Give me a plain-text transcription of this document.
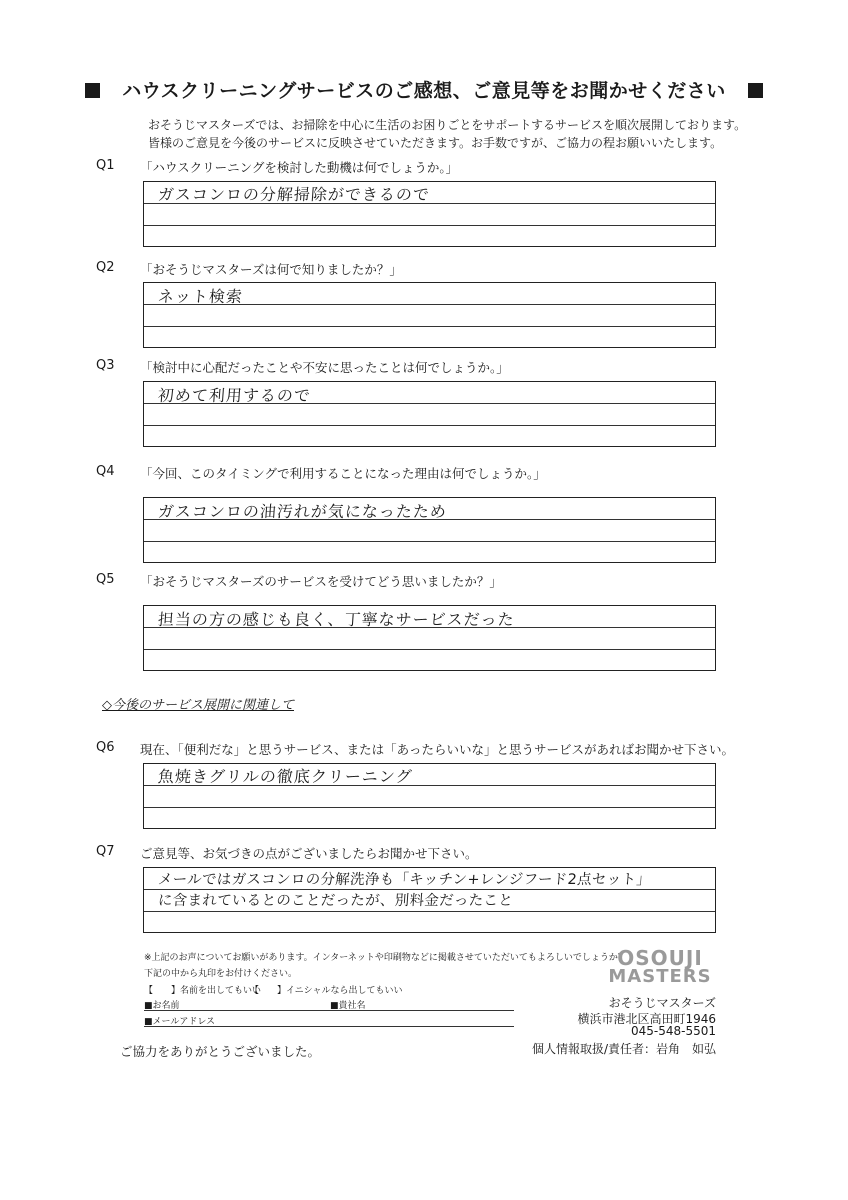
ハウスクリーニングサービスのご感想、ご意見等をお聞かせください
おそうじマスターズでは、お掃除を中心に生活のお困りごとをサポートするサービスを順次展開しております。
皆様のご意見を今後のサービスに反映させていただきます。お手数ですが、ご協力の程お願いいたします。
Q1 「ハウスクリーニングを検討した動機は何でしょうか。」
ガスコンロの分解掃除ができるので
Q2 「おそうじマスターズは何で知りましたか？」
ネット検索
Q3 「検討中に心配だったことや不安に思ったことは何でしょうか。」
初めて利用するので
Q4 「今回、このタイミングで利用することになった理由は何でしょうか。」
ガスコンロの油汚れが気になったため
Q5 「おそうじマスターズのサービスを受けてどう思いましたか？」
担当の方の感じも良く、丁寧なサービスだった
◇今後のサービス展開に関連して
Q6 現在、「便利だな」と思うサービス、または「あったらいいな」と思うサービスがあればお聞かせ下さい。
魚焼きグリルの徹底クリーニング
Q7 ご意見等、お気づきの点がございましたらお聞かせ下さい。
メールではガスコンロの分解洗浄も「キッチン+レンジフード2点セット」
に含まれているとのことだったが、別料金だったこと
※上記のお声についてお願いがあります。インターネットや印刷物などに掲載させていただいてもよろしいでしょうか？
下記の中から丸印をお付けください。
【　　】名前を出してもいい
【　　】イニシャルなら出してもいい
■お名前	■貴社名
■メールアドレス
OSOUJI
MASTERS
おそうじマスターズ
横浜市港北区高田町1946
045-548-5501
個人情報取扱/責任者：岩角　如弘
ご協力をありがとうございました。
